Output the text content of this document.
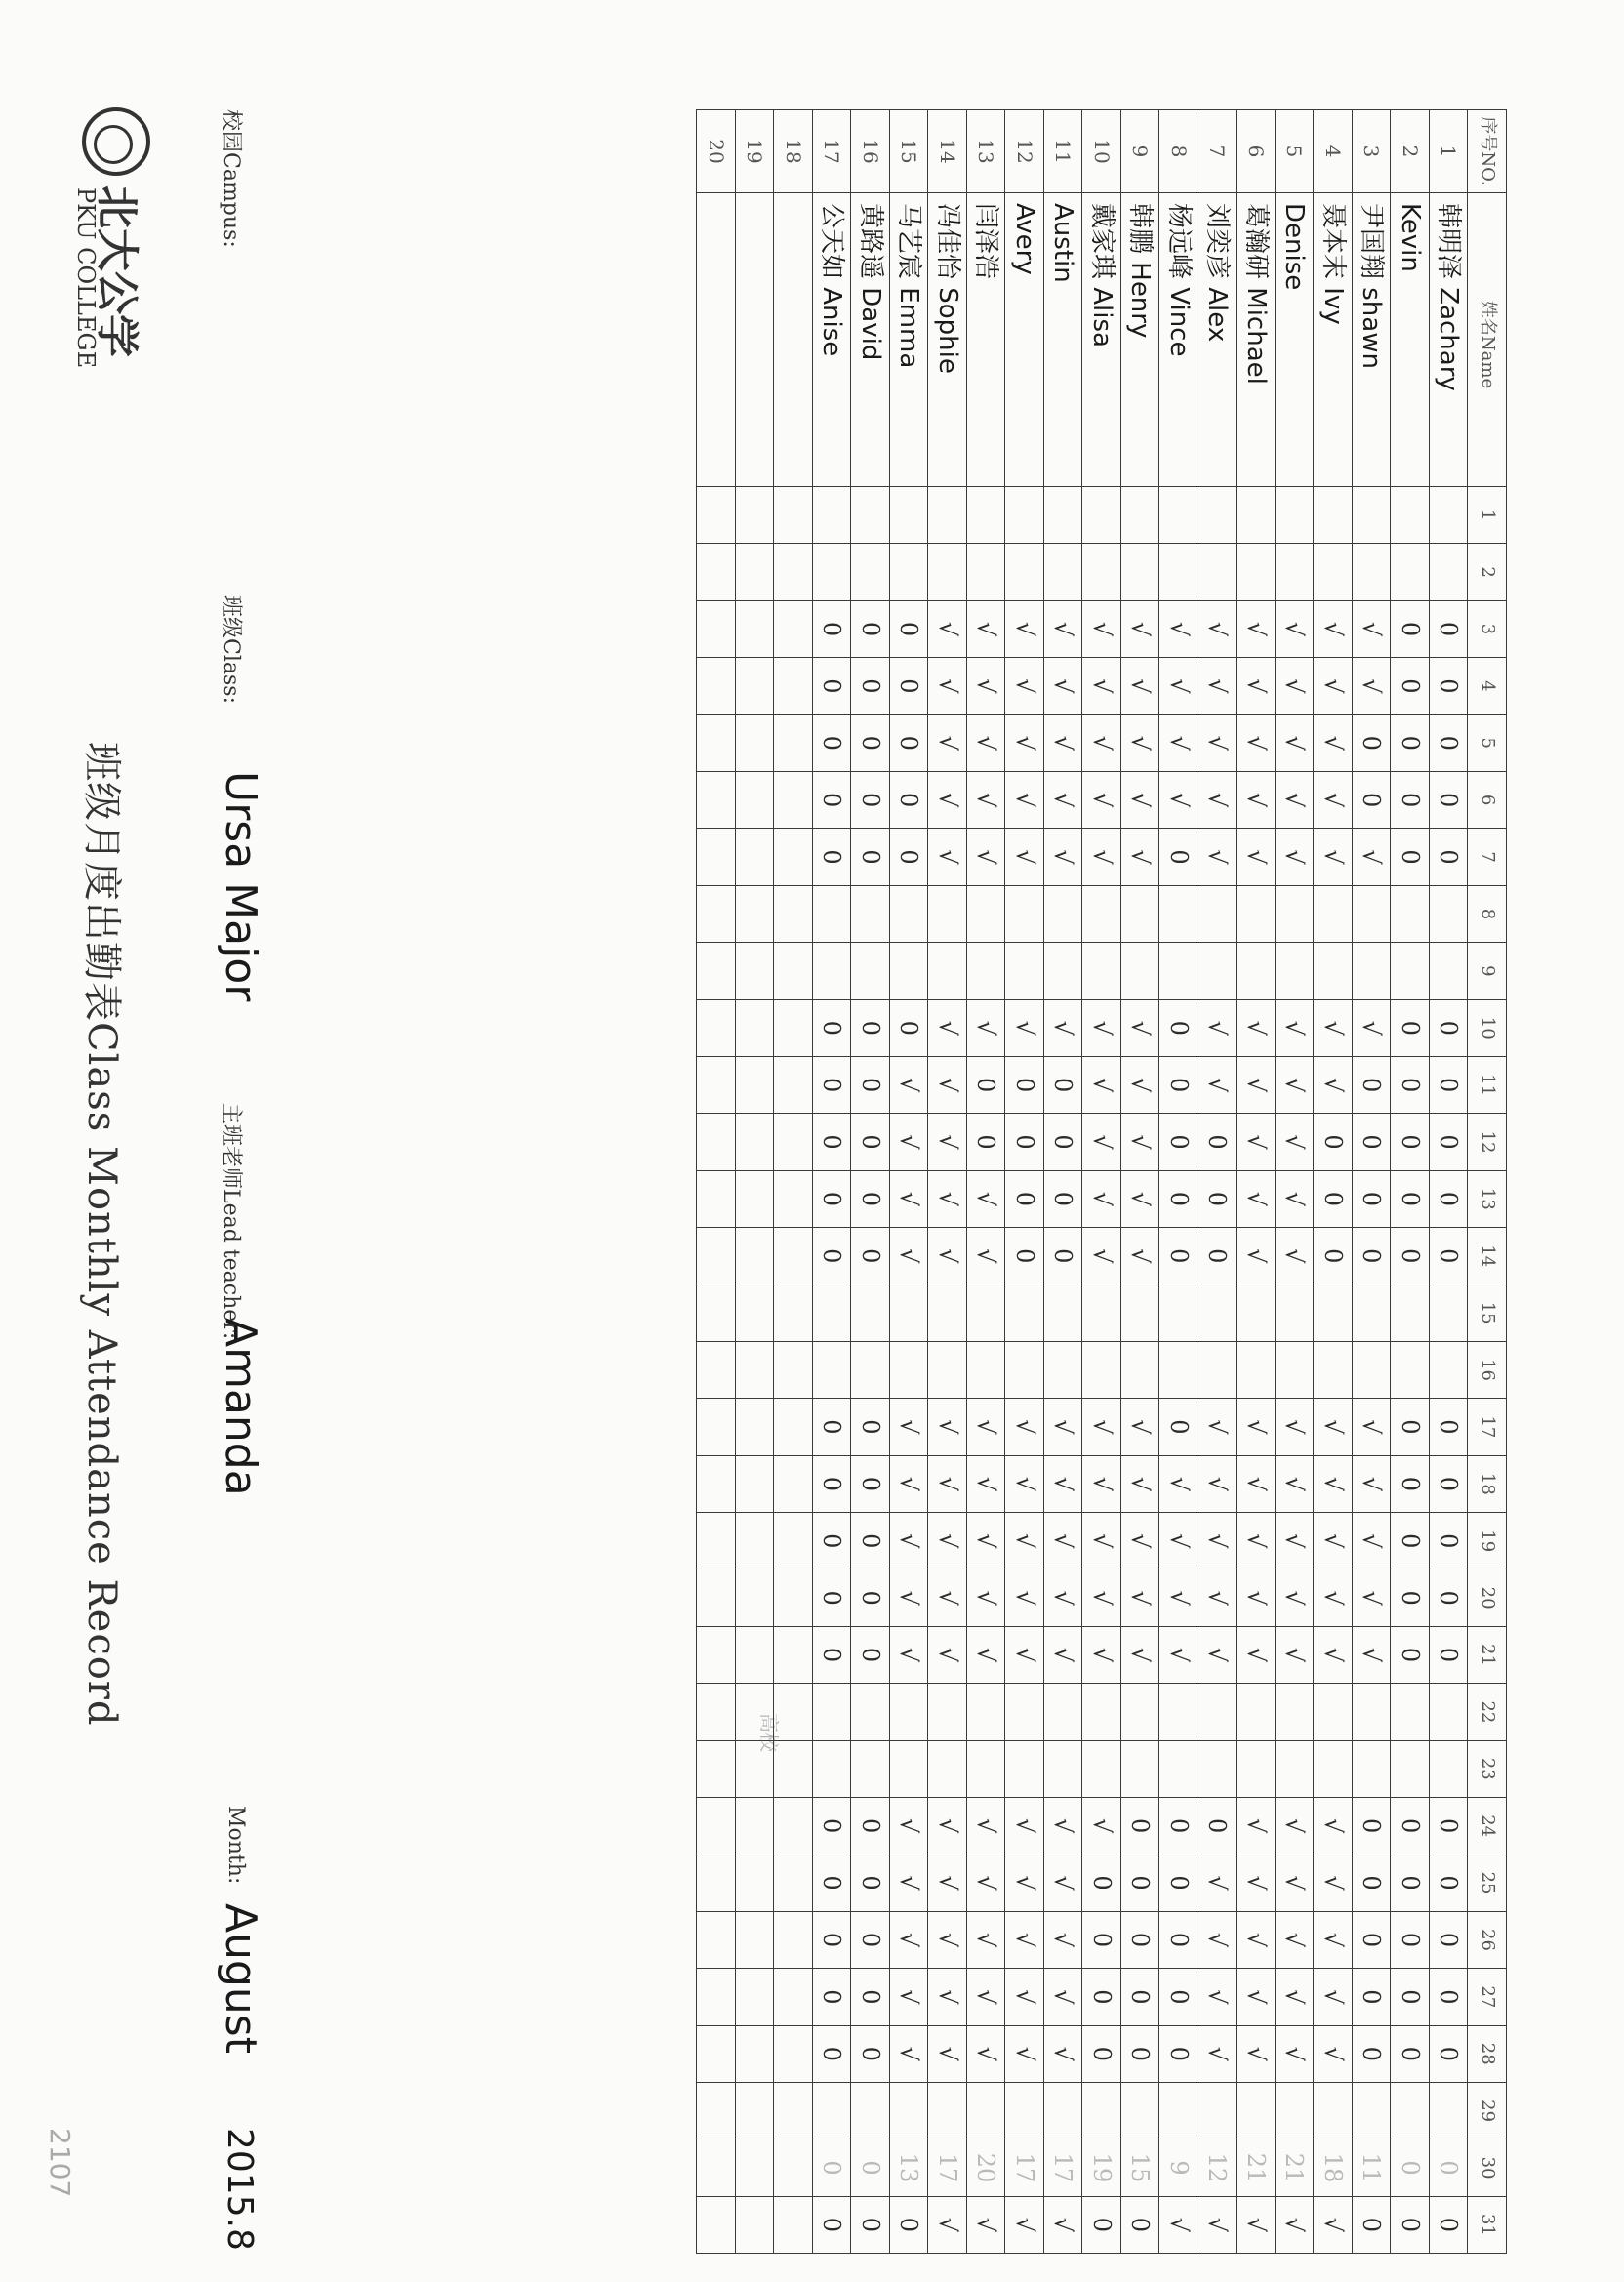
北大公学
PKU COLLEGE
班级月度出勤表Class Monthly Attendance Record
校园Campus:
班级Class:
Ursa Major
主班老师Lead teacher:
Amanda
Month:
August
2015.8
高校
序号NO.	姓名Name	1	2	3	4	5	6	7	8	9	10	11	12	13	14	15	16	17	18	19	20	21	22	23	24	25	26	27	28	29	30	31
1	韩明泽 Zachary			0	0	0	0	0			0	0	0	0	0			0	0	0	0	0			0	0	0	0	0		0	0
2	Kevin			0	0	0	0	0			0	0	0	0	0			0	0	0	0	0			0	0	0	0	0		0	0
3	尹国翔 shawn			√	√	0	0	√			√	0	0	0	0			√	√	√	√	√			0	0	0	0	0		11	0
4	聂本末 Ivy			√	√	√	√	√			√	√	0	0	0			√	√	√	√	√			√	√	√	√	√		18	√
5	Denise			√	√	√	√	√			√	√	√	√	√			√	√	√	√	√			√	√	√	√	√		21	√
6	葛瀚研 Michael			√	√	√	√	√			√	√	√	√	√			√	√	√	√	√			√	√	√	√	√		21	√
7	刘奕彦 Alex			√	√	√	√	√			√	√	0	0	0			√	√	√	√	√			0	√	√	√	√		12	√
8	杨远峰 Vince			√	√	√	√	0			0	0	0	0	0			0	√	√	√	√			0	0	0	0	0		9	√
9	韩鹏 Henry			√	√	√	√	√			√	√	√	√	√			√	√	√	√	√			0	0	0	0	0		15	0
10	戴家琪 Alisa			√	√	√	√	√			√	√	√	√	√			√	√	√	√	√			√	0	0	0	0		19	0
11	Austin			√	√	√	√	√			√	0	0	0	0			√	√	√	√	√			√	√	√	√	√		17	√
12	Avery			√	√	√	√	√			√	0	0	0	0			√	√	√	√	√			√	√	√	√	√		17	√
13	闫泽浩			√	√	√	√	√			√	0	0	√	√			√	√	√	√	√			√	√	√	√	√		20	√
14	冯佳怡 Sophie			√	√	√	√	√			√	√	√	√	√			√	√	√	√	√			√	√	√	√	√		17	√
15	马艺宸 Emma			0	0	0	0	0			0	√	√	√	√			√	√	√	√	√			√	√	√	√	√		13	0
16	黄路遥 David			0	0	0	0	0			0	0	0	0	0			0	0	0	0	0			0	0	0	0	0		0	0
17	公天如 Anise			0	0	0	0	0			0	0	0	0	0			0	0	0	0	0			0	0	0	0	0		0	0
18																																
19																																
20																																
2107
